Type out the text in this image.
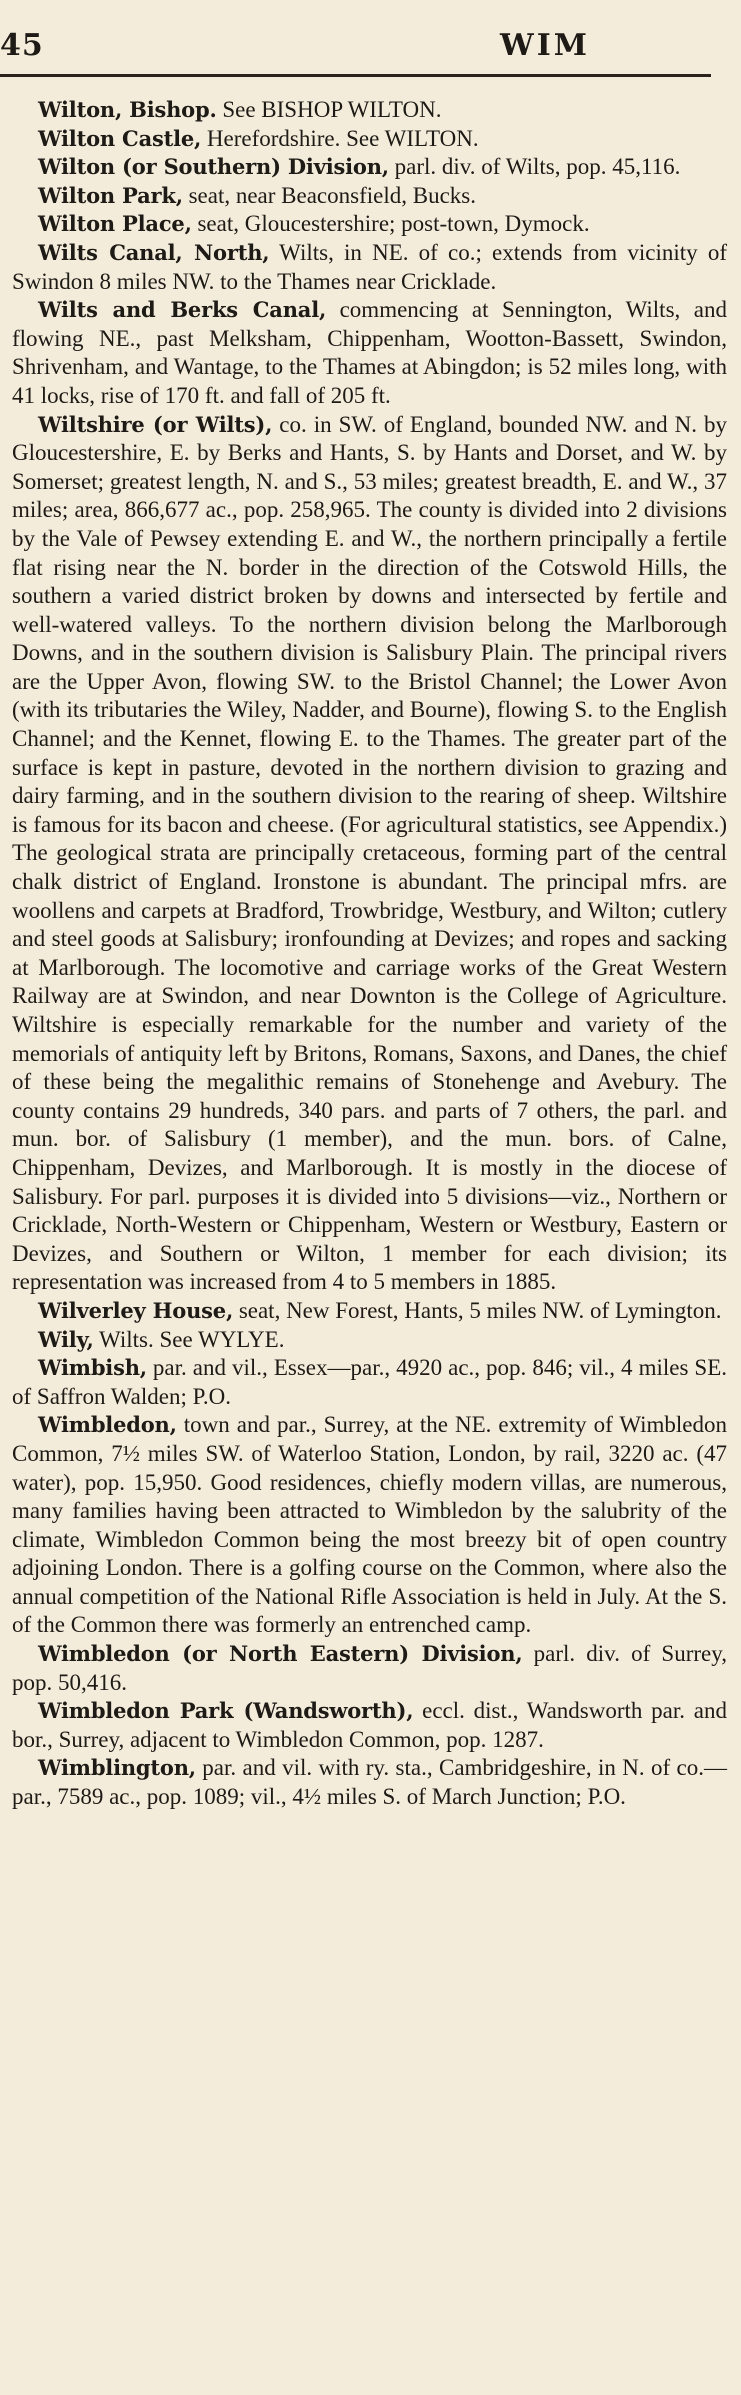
45	WIM

Wilton, Bishop. See BISHOP WILTON.

Wilton Castle, Herefordshire. See WILTON.

Wilton (or Southern) Division, parl. div. of Wilts, pop. 45,116.

Wilton Park, seat, near Beaconsfield, Bucks.

Wilton Place, seat, Gloucestershire; post-town, Dymock.

Wilts Canal, North, Wilts, in NE. of co.; extends from vicinity of Swindon 8 miles NW. to the Thames near Cricklade.

Wilts and Berks Canal, commencing at Sennington, Wilts, and flowing NE., past Melksham, Chippenham, Wootton-Bassett, Swindon, Shrivenham, and Wantage, to the Thames at Abingdon; is 52 miles long, with 41 locks, rise of 170 ft. and fall of 205 ft.

Wiltshire (or Wilts), co. in SW. of England, bounded NW. and N. by Gloucestershire, E. by Berks and Hants, S. by Hants and Dorset, and W. by Somerset; greatest length, N. and S., 53 miles; greatest breadth, E. and W., 37 miles; area, 866,677 ac., pop. 258,965. The county is divided into 2 divisions by the Vale of Pewsey extending E. and W., the northern principally a fertile flat rising near the N. border in the direction of the Cotswold Hills, the southern a varied district broken by downs and intersected by fertile and well-watered valleys. To the northern division belong the Marlborough Downs, and in the southern division is Salisbury Plain. The principal rivers are the Upper Avon, flowing SW. to the Bristol Channel; the Lower Avon (with its tributaries the Wiley, Nadder, and Bourne), flowing S. to the English Channel; and the Kennet, flowing E. to the Thames. The greater part of the surface is kept in pasture, devoted in the northern division to grazing and dairy farming, and in the southern division to the rearing of sheep. Wiltshire is famous for its bacon and cheese. (For agricultural statistics, see Appendix.) The geological strata are principally cretaceous, forming part of the central chalk district of England. Ironstone is abundant. The principal mfrs. are woollens and carpets at Bradford, Trowbridge, Westbury, and Wilton; cutlery and steel goods at Salisbury; ironfounding at Devizes; and ropes and sacking at Marlborough. The locomotive and carriage works of the Great Western Railway are at Swindon, and near Downton is the College of Agriculture. Wiltshire is especially remarkable for the number and variety of the memorials of antiquity left by Britons, Romans, Saxons, and Danes, the chief of these being the megalithic remains of Stonehenge and Avebury. The county contains 29 hundreds, 340 pars. and parts of 7 others, the parl. and mun. bor. of Salisbury (1 member), and the mun. bors. of Calne, Chippenham, Devizes, and Marlborough. It is mostly in the diocese of Salisbury. For parl. purposes it is divided into 5 divisions—viz., Northern or Cricklade, North-Western or Chippenham, Western or Westbury, Eastern or Devizes, and Southern or Wilton, 1 member for each division; its representation was increased from 4 to 5 members in 1885.

Wilverley House, seat, New Forest, Hants, 5 miles NW. of Lymington.

Wily, Wilts. See WYLYE.

Wimbish, par. and vil., Essex—par., 4920 ac., pop. 846; vil., 4 miles SE. of Saffron Walden; P.O.

Wimbledon, town and par., Surrey, at the NE. extremity of Wimbledon Common, 7½ miles SW. of Waterloo Station, London, by rail, 3220 ac. (47 water), pop. 15,950. Good residences, chiefly modern villas, are numerous, many families having been attracted to Wimbledon by the salubrity of the climate, Wimbledon Common being the most breezy bit of open country adjoining London. There is a golfing course on the Common, where also the annual competition of the National Rifle Association is held in July. At the S. of the Common there was formerly an entrenched camp.

Wimbledon (or North Eastern) Division, parl. div. of Surrey, pop. 50,416.

Wimbledon Park (Wandsworth), eccl. dist., Wandsworth par. and bor., Surrey, adjacent to Wimbledon Common, pop. 1287.

Wimblington, par. and vil. with ry. sta., Cambridgeshire, in N. of co.—par., 7589 ac., pop. 1089; vil., 4½ miles S. of March Junction; P.O.
